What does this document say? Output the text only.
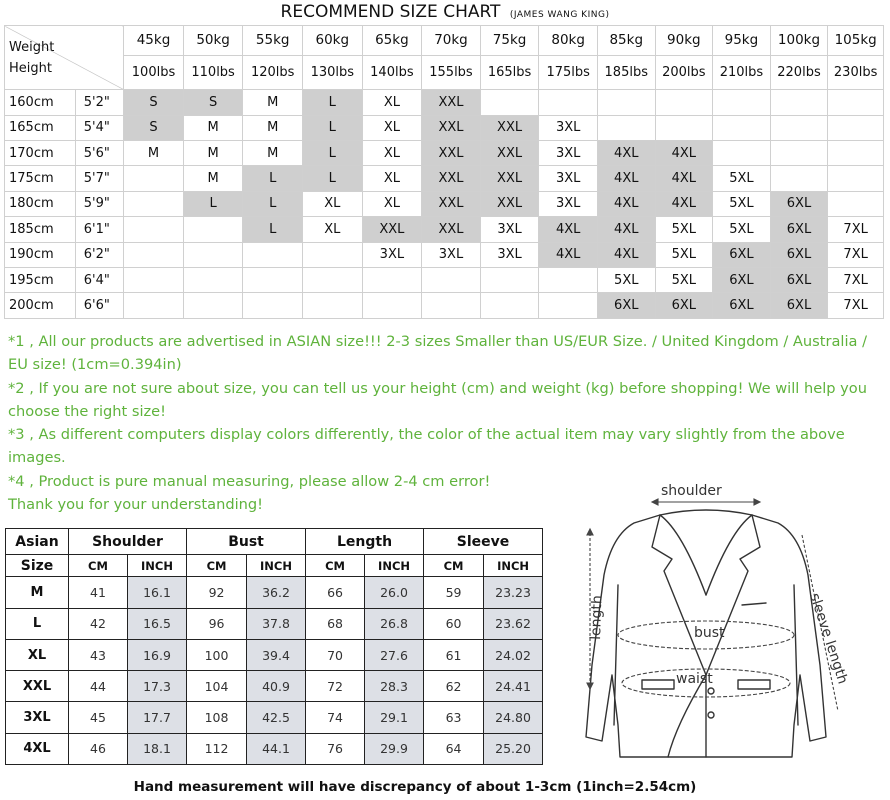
RECOMMEND SIZE CHART (JAMES WANG KING)
Weight
Height		45kg	50kg	55kg	60kg	65kg	70kg	75kg	80kg	85kg	90kg	95kg	100kg	105kg
		100lbs	110lbs	120lbs	130lbs	140lbs	155lbs	165lbs	175lbs	185lbs	200lbs	210lbs	220lbs	230lbs
160cm	5'2"	S	S	M	L	XL	XXL							
165cm	5'4"	S	M	M	L	XL	XXL	XXL	3XL					
170cm	5'6"	M	M	M	L	XL	XXL	XXL	3XL	4XL	4XL			
175cm	5'7"		M	L	L	XL	XXL	XXL	3XL	4XL	4XL	5XL		
180cm	5'9"		L	L	XL	XL	XXL	XXL	3XL	4XL	4XL	5XL	6XL	
185cm	6'1"			L	XL	XXL	XXL	3XL	4XL	4XL	5XL	5XL	6XL	7XL
190cm	6'2"					3XL	3XL	3XL	4XL	4XL	5XL	6XL	6XL	7XL
195cm	6'4"									5XL	5XL	6XL	6XL	7XL
200cm	6'6"									6XL	6XL	6XL	6XL	7XL

*1 , All our products are advertised in ASIAN size!!! 2-3 sizes Smaller than US/EUR Size. / United Kingdom / Australia / EU size! (1cm=0.394in)

*2 , If you are not sure about size, you can tell us your height (cm) and weight (kg) before shopping! We will help you choose the right size!

*3 , As different computers display colors differently, the color of the actual item may vary slightly from the above images.

*4 , Product is pure manual measuring, please allow 2-4 cm error!

Thank you for your understanding!

Asian	Shoulder		Bust		Length		Sleeve	
Size	CM	INCH	CM	INCH	CM	INCH	CM	INCH
M	41	16.1	92	36.2	66	26.0	59	23.23
L	42	16.5	96	37.8	68	26.8	60	23.62
XL	43	16.9	100	39.4	70	27.6	61	24.02
XXL	44	17.3	104	40.9	72	28.3	62	24.41
3XL	45	17.7	108	42.5	74	29.1	63	24.80
4XL	46	18.1	112	44.1	76	29.9	64	25.20
shoulder
bust
waist
length	sleeve length
Hand measurement will have discrepancy of about 1-3cm (1inch=2.54cm)
